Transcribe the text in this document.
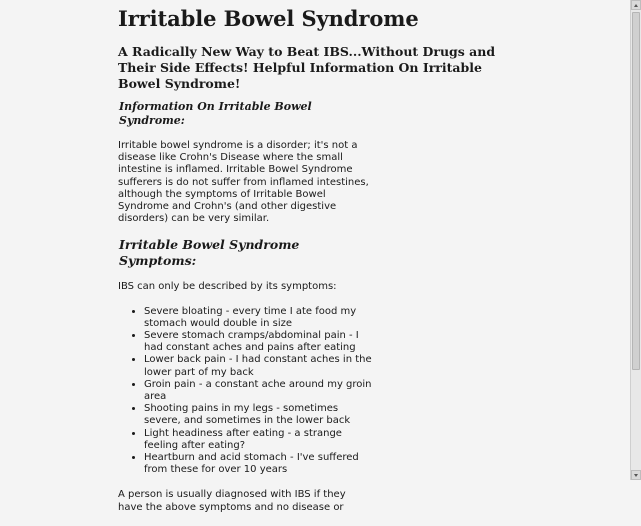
Irritable Bowel Syndrome
A Radically New Way to Beat IBS...Without Drugs and Their Side Effects! Helpful Information On Irritable Bowel Syndrome!
Information On Irritable Bowel Syndrome:

Irritable bowel syndrome is a disorder; it's not a disease like Crohn's Disease where the small intestine is inflamed. Irritable Bowel Syndrome sufferers is do not suffer from inflamed intestines, although the symptoms of Irritable Bowel Syndrome and Crohn's (and other digestive disorders) can be very similar.

Irritable Bowel Syndrome Symptoms:

IBS can only be described by its symptoms:

• Severe bloating - every time I ate food my stomach would double in size
• Severe stomach cramps/abdominal pain - I had constant aches and pains after eating
• Lower back pain - I had constant aches in the lower part of my back
• Groin pain - a constant ache around my groin area
• Shooting pains in my legs - sometimes severe, and sometimes in the lower back
• Light headiness after eating - a strange feeling after eating?
• Heartburn and acid stomach - I've suffered from these for over 10 years

A person is usually diagnosed with IBS if they have the above symptoms and no disease or
